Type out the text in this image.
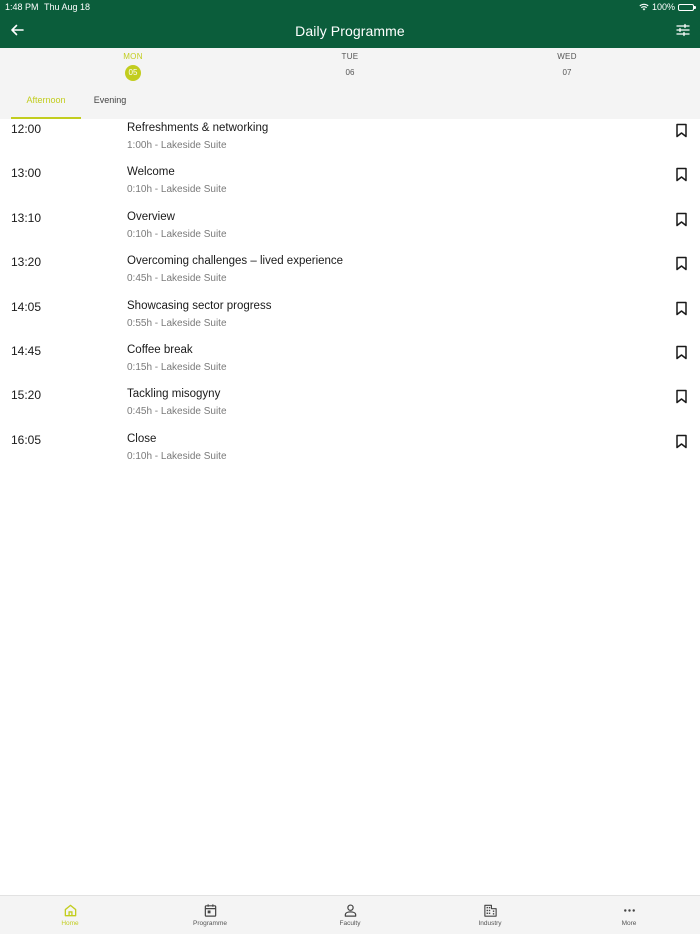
1:48 PM Thu Aug 18	100%
Daily Programme
MON
05
TUE
06
WED
07
Afternoon	Evening
12:00	Refreshments & networking
1:00h - Lakeside Suite
13:00	Welcome
0:10h - Lakeside Suite
13:10	Overview
0:10h - Lakeside Suite
13:20	Overcoming challenges – lived experience
0:45h - Lakeside Suite
14:05	Showcasing sector progress
0:55h - Lakeside Suite
14:45	Coffee break
0:15h - Lakeside Suite
15:20	Tackling misogyny
0:45h - Lakeside Suite
16:05	Close
0:10h - Lakeside Suite
Home	Programme	Faculty	Industry	More
